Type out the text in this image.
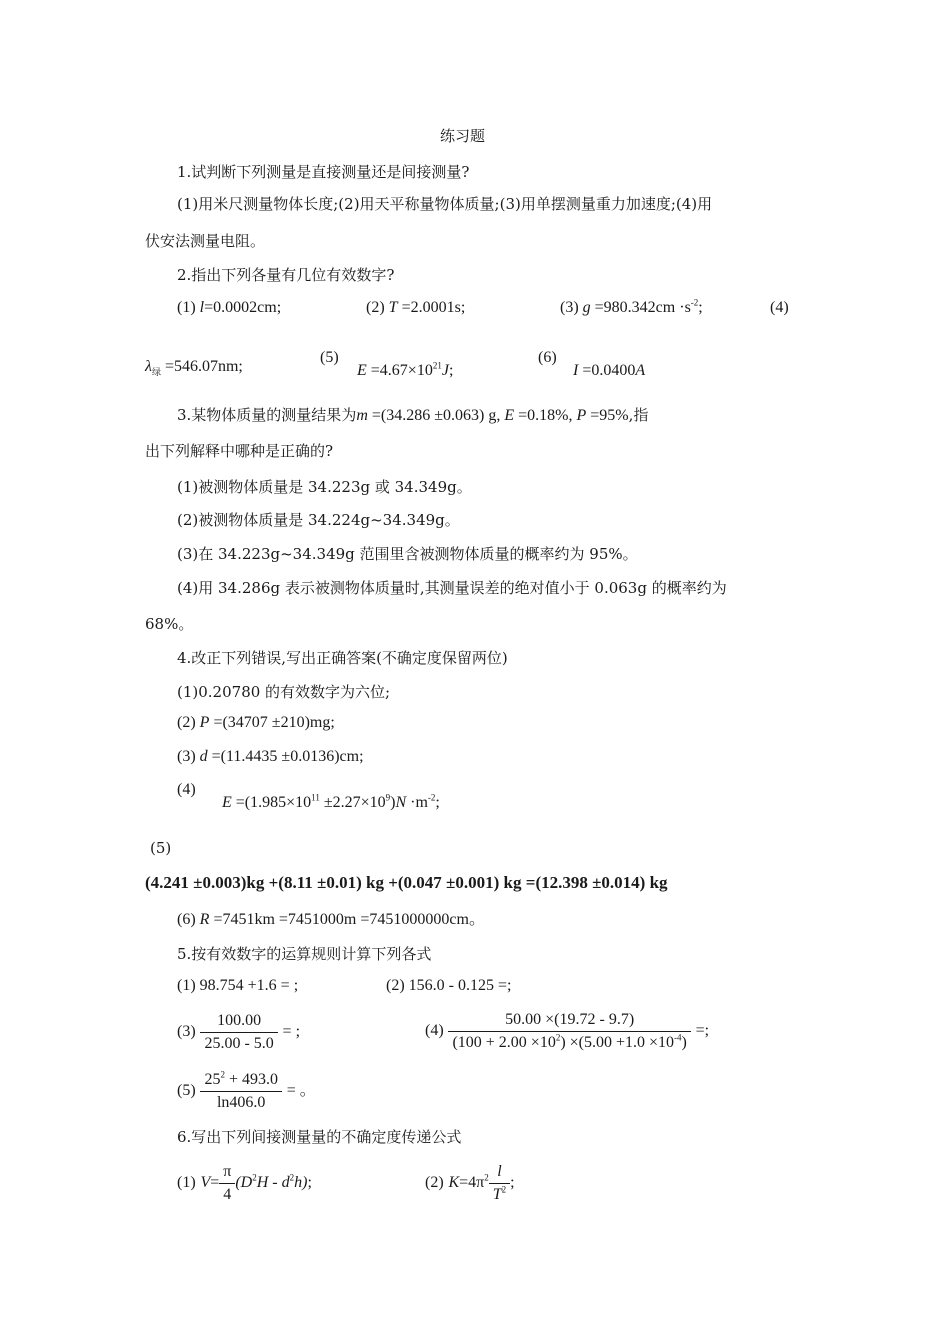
练习题
1.试判断下列测量是直接测量还是间接测量?
(1)用米尺测量物体长度;(2)用天平称量物体质量;(3)用单摆测量重力加速度;(4)用
伏安法测量电阻。
2.指出下列各量有几位有效数字?
(1) l=0.0002cm;	(2) T =2.0001s;	(3) $g =980.342cm \cdot s^{-2}$;	(4)
$\lambda_绿 =546.07nm$;
(5)
$E =4.67\times 10^{21}J$;
(6)
I =0.0400A
3.某物体质量的测量结果为m =(34.286 ±0.063) g, E =0.18%, P =95%,指
出下列解释中哪种是正确的?
(1)被测物体质量是 34.223g 或 34.349g。
(2)被测物体质量是 34.224g~34.349g。
(3)在 34.223g~34.349g 范围里含被测物体质量的概率约为 95%。
(4)用 34.286g 表示被测物体质量时,其测量误差的绝对值小于 0.063g 的概率约为
68%。
4.改正下列错误,写出正确答案(不确定度保留两位)
(1)0.20780 的有效数字为六位;
(2) P =(34707 ±210)mg;
(3) d =(11.4435 ±0.0136)cm;
(4)
$E =(1.985\times 10^{11} \pm 2.27\times 10^9)N \cdot m^{-2}$;
(5)
(4.241 ±0.003)kg +(8.11 ±0.01) kg +(0.047 ±0.001) kg =(12.398 ±0.014) kg
(6) R =7451km =7451000m =7451000000cm。
5.按有效数字的运算规则计算下列各式
(1) 98.754 +1.6 = ;	(2) 156.0 - 0.125 =;
$(3) \frac{100.00}{25.00 - 5.0}$ = ;	$(4) \frac{50.00 \times(19.72 - 9.7)}{(100 + 2.00 \times 10^2) \times(5.00 +1.0 \times 10^{-4})}$ =;
$(5) \frac{25^2 + 493.0}{\ln 406.0}$ = 。
6.写出下列间接测量量的不确定度传递公式
(1) $V= \frac{\pi}{4} (D^2H - d^2h)$;	(2) $K=4\pi^2 \frac{l}{T^2}$ ;
